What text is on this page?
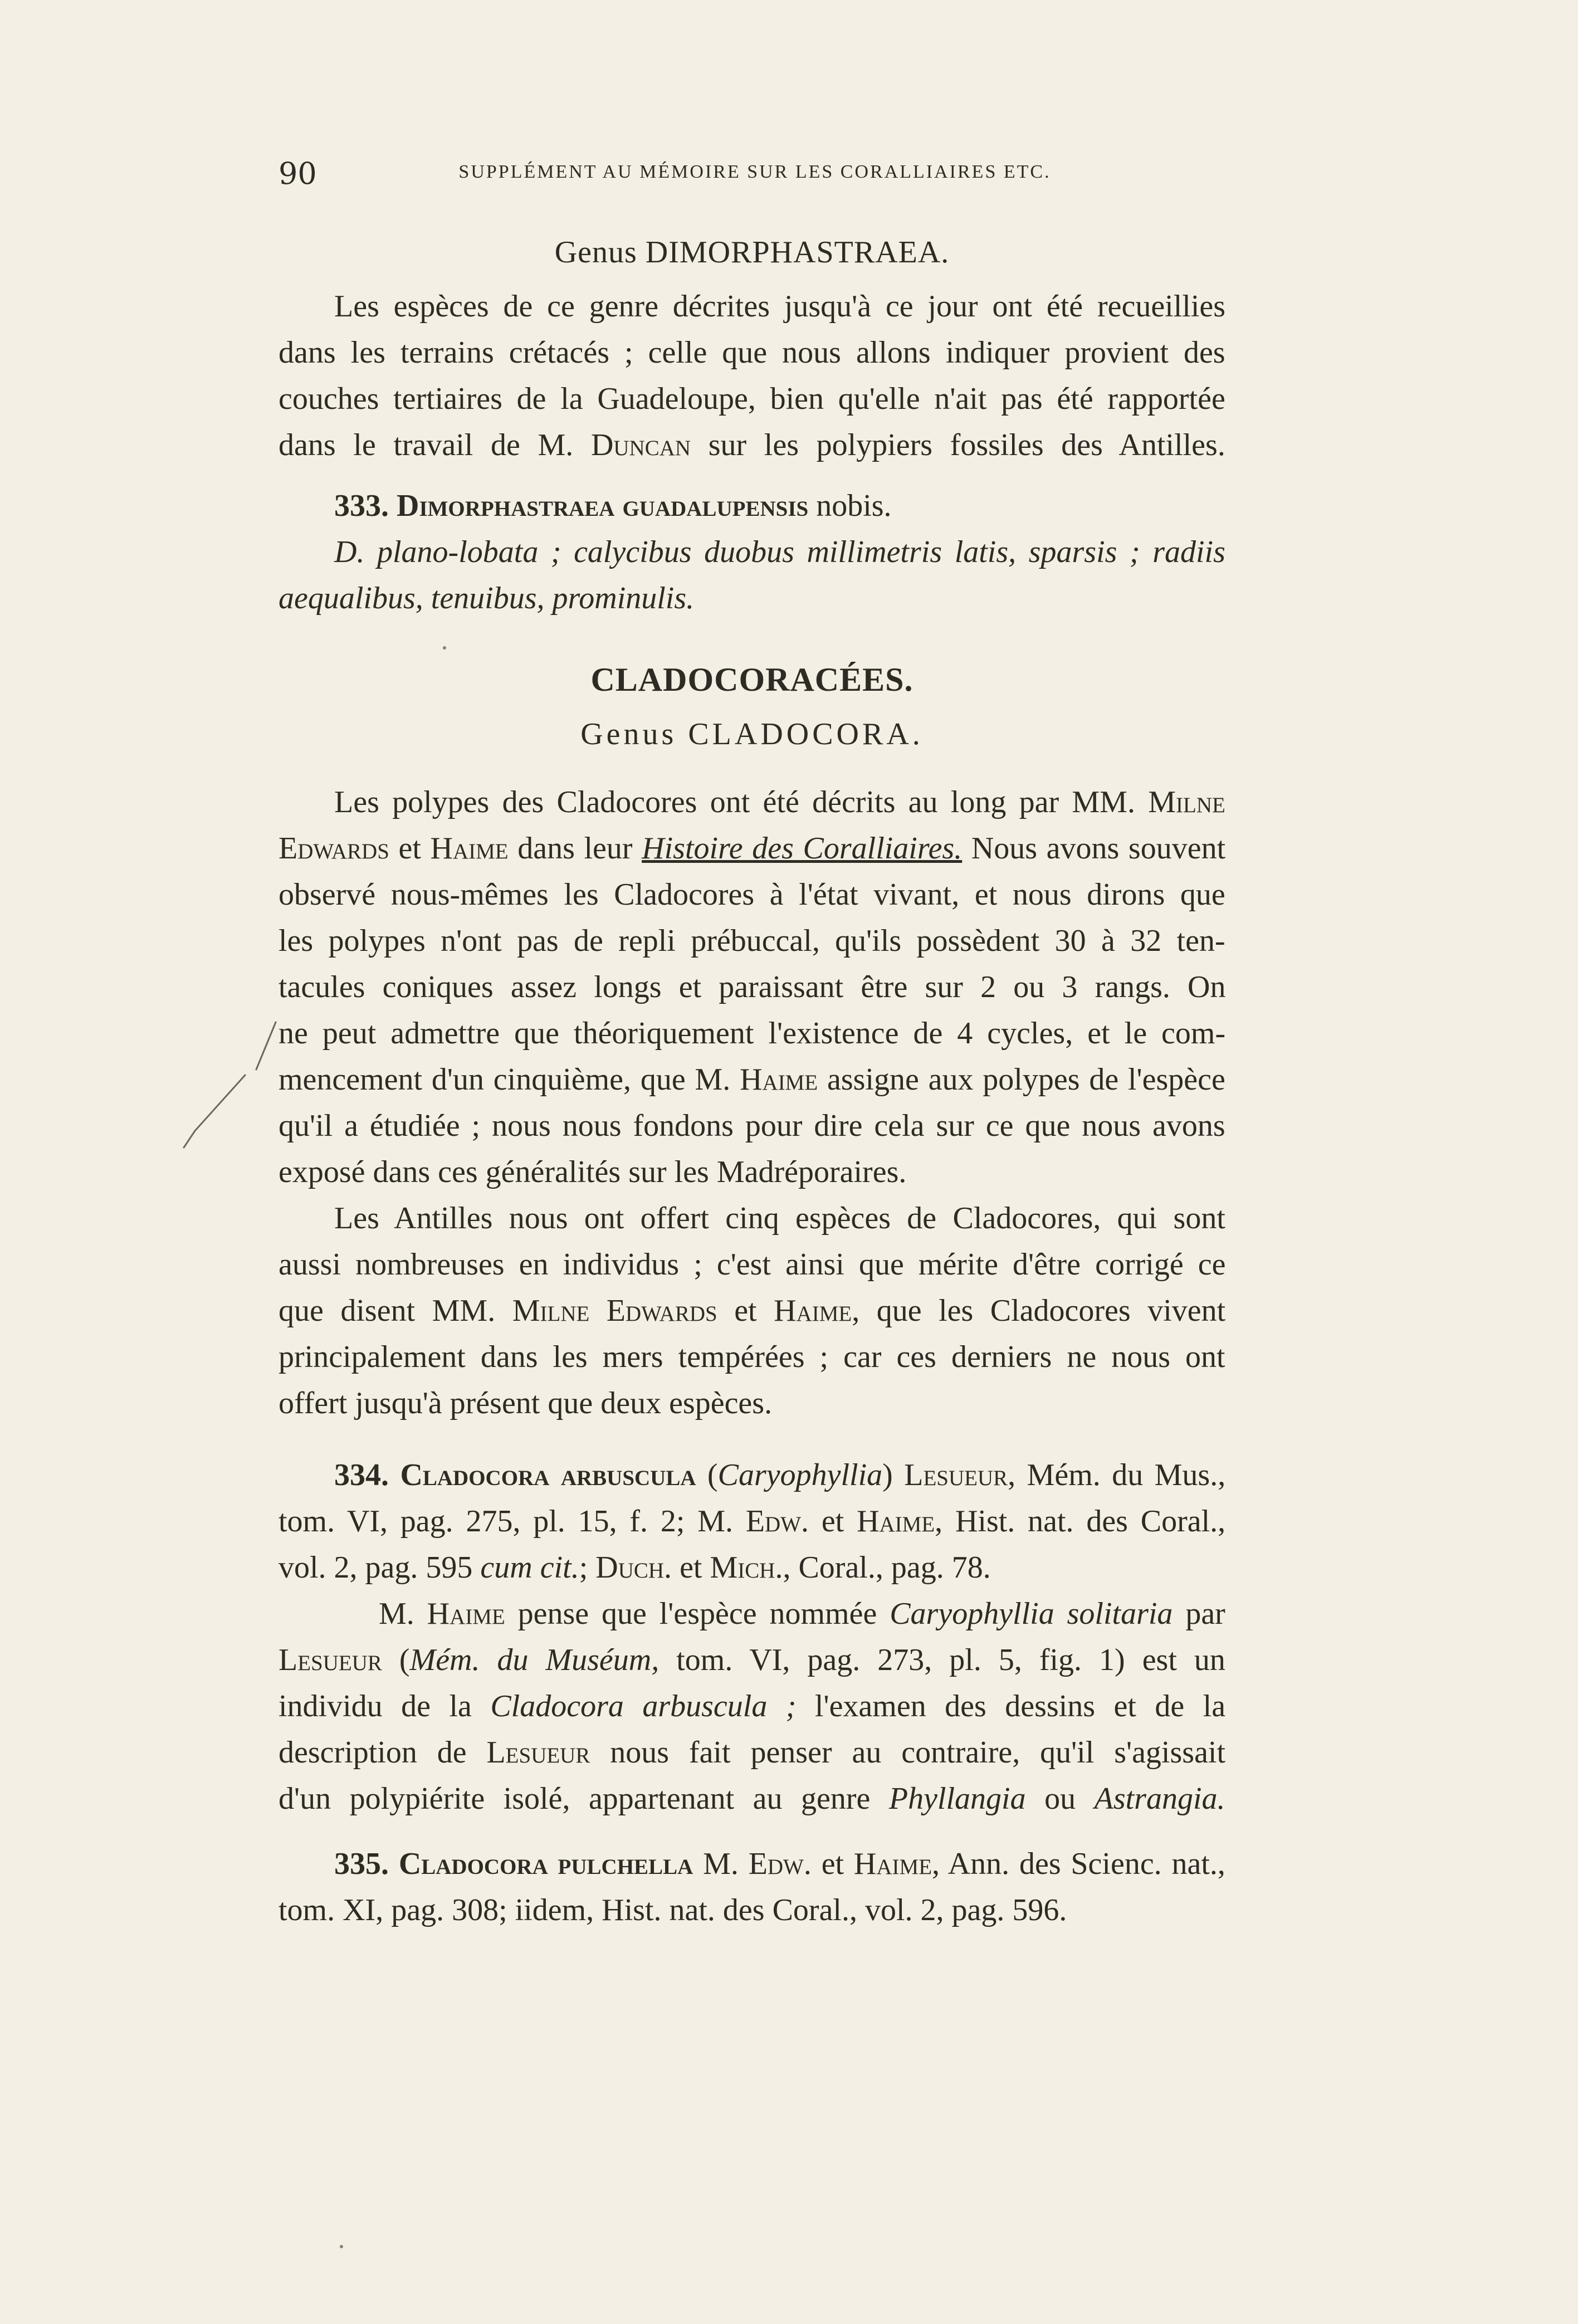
90	SUPPLÉMENT AU MÉMOIRE SUR LES CORALLIAIRES ETC.
Genus DIMORPHASTRAEA.
Les espèces de ce genre décrites jusqu'à ce jour ont été recueillies
dans les terrains crétacés ; celle que nous allons indiquer provient des
couches tertiaires de la Guadeloupe, bien qu'elle n'ait pas été rapportée
dans le travail de M. Duncan sur les polypiers fossiles des Antilles.
333. Dimorphastraea guadalupensis nobis.
D. plano-lobata ; calycibus duobus millimetris latis, sparsis ; radiis
aequalibus, tenuibus, prominulis.
CLADOCORACÉES.
Genus CLADOCORA.
Les polypes des Cladocores ont été décrits au long par MM. Milne
Edwards et Haime dans leur Histoire des Coralliaires. Nous avons souvent
observé nous-mêmes les Cladocores à l'état vivant, et nous dirons que
les polypes n'ont pas de repli prébuccal, qu'ils possèdent 30 à 32 ten-
tacules coniques assez longs et paraissant être sur 2 ou 3 rangs. On
ne peut admettre que théoriquement l'existence de 4 cycles, et le com-
mencement d'un cinquième, que M. Haime assigne aux polypes de l'espèce
qu'il a étudiée ; nous nous fondons pour dire cela sur ce que nous avons
exposé dans ces généralités sur les Madréporaires.
Les Antilles nous ont offert cinq espèces de Cladocores, qui sont
aussi nombreuses en individus ; c'est ainsi que mérite d'être corrigé ce
que disent MM. Milne Edwards et Haime, que les Cladocores vivent
principalement dans les mers tempérées ; car ces derniers ne nous ont
offert jusqu'à présent que deux espèces.
334. Cladocora arbuscula (Caryophyllia) Lesueur, Mém. du Mus.,
tom. VI, pag. 275, pl. 15, f. 2; M. Edw. et Haime, Hist. nat. des Coral.,
vol. 2, pag. 595 cum cit.; Duch. et Mich., Coral., pag. 78.
M. Haime pense que l'espèce nommée Caryophyllia solitaria par
Lesueur (Mém. du Muséum, tom. VI, pag. 273, pl. 5, fig. 1) est un
individu de la Cladocora arbuscula ; l'examen des dessins et de la
description de Lesueur nous fait penser au contraire, qu'il s'agissait
d'un polypiérite isolé, appartenant au genre Phyllangia ou Astrangia.
335. Cladocora pulchella M. Edw. et Haime, Ann. des Scienc. nat.,
tom. XI, pag. 308; iidem, Hist. nat. des Coral., vol. 2, pag. 596.
